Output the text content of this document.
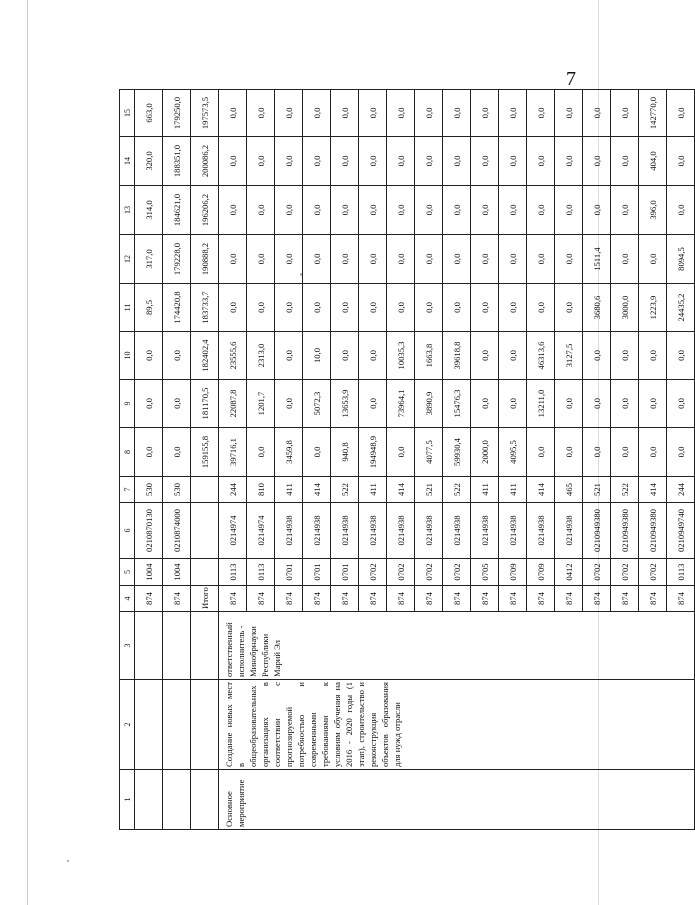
7
1	2	3	4	5	6	7	8	9	10	11	12	13	14	15
			874	1004	0210870130	530	0,0	0,0	0,0	89,5	317,0	314,0	320,0	663,0
			874	1004	0210874000	530	0,0	0,0	0,0	174420,8	179228,0	184621,0	188351,0	179250,0
			Итого				159155,8	181170,5	182402,4	183733,7	190888,2	196206,2	200086,2	197573,5
Основное мероприятие	Создание новых мест в общеобразовательных организациях в соответствии с прогнозируемой потребностью и современными требованиями к условиям обучения на 2016 - 2020 годы (1 этап), строительство и реконструкция объектов образования для нужд отрасли	ответственный исполнитель - Минобрнауки Республики Марий Эл	874	0113	0214974	244	39716,1	22087,8	23555,6	0,0	0,0	0,0	0,0	0,0
			874	0113	0214974	810	0,0	1201,7	2313,0	0,0	0,0	0,0	0,0	0,0
			874	0701	0214938	411	3459,8	0,0	0,0	0,0	0,0	0,0	0,0	0,0
			874	0701	0214938	414	0,0	5072,3	10,0	0,0	0,0	0,0	0,0	0,0
			874	0701	0214938	522	940,8	13653,9	0,0	0,0	0,0	0,0	0,0	0,0
			874	0702	0214938	411	194948,9	0,0	0,0	0,0	0,0	0,0	0,0	0,0
			874	0702	0214938	414	0,0	73964,1	10035,3	0,0	0,0	0,0	0,0	0,0
			874	0702	0214938	521	4077,5	3890,9	1663,8	0,0	0,0	0,0	0,0	0,0
			874	0702	0214938	522	59930,4	15476,3	39618,8	0,0	0,0	0,0	0,0	0,0
			874	0705	0214938	411	2000,0	0,0	0,0	0,0	0,0	0,0	0,0	0,0
			874	0709	0214938	411	4095,5	0,0	0,0	0,0	0,0	0,0	0,0	0,0
			874	0709	0214938	414	0,0	13211,0	46313,6	0,0	0,0	0,0	0,0	0,0
			874	0412	0214938	465	0,0	0,0	3127,5	0,0	0,0	0,0	0,0	0,0
			874	0702	0210949380	521	0,0	0,0	0,0	3680,6	1511,4	0,0	0,0	0,0
			874	0702	0210949380	522	0,0	0,0	0,0	3000,0	0,0	0,0	0,0	0,0
			874	0702	0210949380	414	0,0	0,0	0,0	1223,9	0,0	396,0	404,0	142770,0
			874	0113	0210949740	244	0,0	0,0	0,0	24435,2	8094,5	0,0	0,0	0,0
